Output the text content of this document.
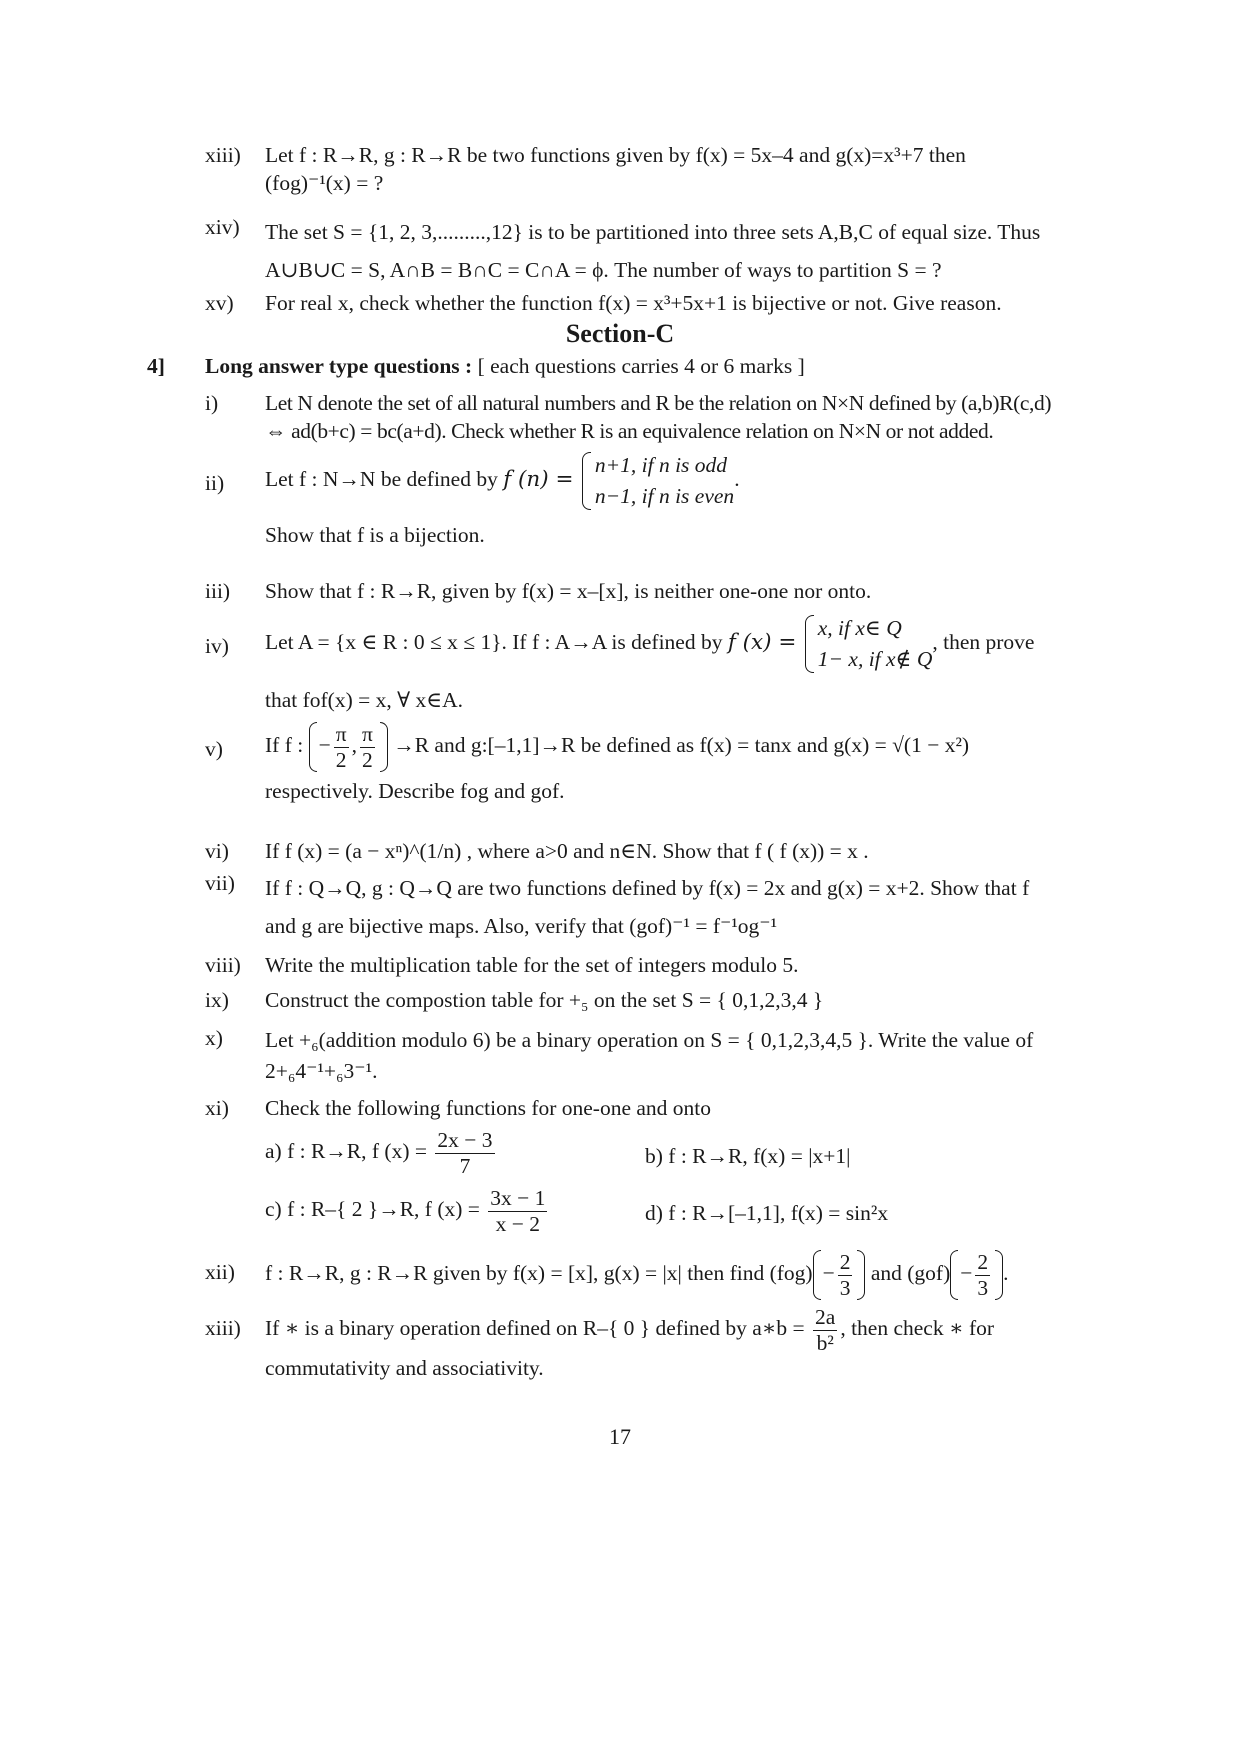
xiii) Let f : R→R, g : R→R be two functions given by f(x) = 5x–4 and g(x)=x³+7 then
(fog)⁻¹(x) = ?
xiv) The set S = {1, 2, 3,.........,12} is to be partitioned into three sets A,B,C of equal size. Thus
A∪B∪C = S, A∩B = B∩C = C∩A = ϕ. The number of ways to partition S = ?
xv) For real x, check whether the function f(x) = x³+5x+1 is bijective or not. Give reason.
Section-C
4] Long answer type questions : [ each questions carries 4 or 6 marks ]
i) Let N denote the set of all natural numbers and R be the relation on N×N defined by (a,b)R(c,d)
⇔ ad(b+c) = bc(a+d). Check whether R is an equivalence relation on N×N or not added.
ii) Let f : N→N be defined by f (n) =
n+1, if n is odd
n−1, if n is even
.
Show that f is a bijection.
iii) Show that f : R→R, given by f(x) = x–[x], is neither one-one nor onto.
iv) Let A = {x ∈ R : 0 ≤ x ≤ 1}. If f : A→A is defined by f (x) =
x, if x∈ Q
1− x, if x∉ Q
, then prove
that fof(x) = x, ∀ x∈A.
v) If f : − $\frac{\pi}{2}$ , $\frac{\pi}{2} \to R$ and g:[–1,1]→R be defined as f(x) = tanx and g(x) = √(1 − x²)
respectively. Describe fog and gof.
vi) If f (x) = (a − xⁿ)^(1/n) , where a>0 and n∈N. Show that f ( f (x)) = x .
vii) If f : Q→Q, g : Q→Q are two functions defined by f(x) = 2x and g(x) = x+2. Show that f
and g are bijective maps. Also, verify that (gof)⁻¹ = f⁻¹og⁻¹
viii) Write the multiplication table for the set of integers modulo 5.
ix) Construct the compostion table for +₅ on the set S = { 0,1,2,3,4 }
x) Let +₆(addition modulo 6) be a binary operation on S = { 0,1,2,3,4,5 }. Write the value of
2+₆4⁻¹+₆3⁻¹.
xi) Check the following functions for one-one and onto
a) f : R→R, f $(x) = \frac{2x - 3}{7}$	b) f : R→R, f(x) = |x+1|
c) f : R–{ 2 }→R, f $(x) = \frac{3x - 1}{x - 2}$	d) f : R→[–1,1], f(x) = sin²x
xii) f : R→R, g : R→R given by f(x) = [x], g(x) = |x| then find $(fog) - \frac{2}{3}$ and $(gof) - \frac{2}{3}$ .
xiii) If ∗ is a binary operation defined on R–{ 0 } defined by a∗b = $\frac{2a}{\text{b²}}$ , then check ∗ for
commutativity and associativity.
17
